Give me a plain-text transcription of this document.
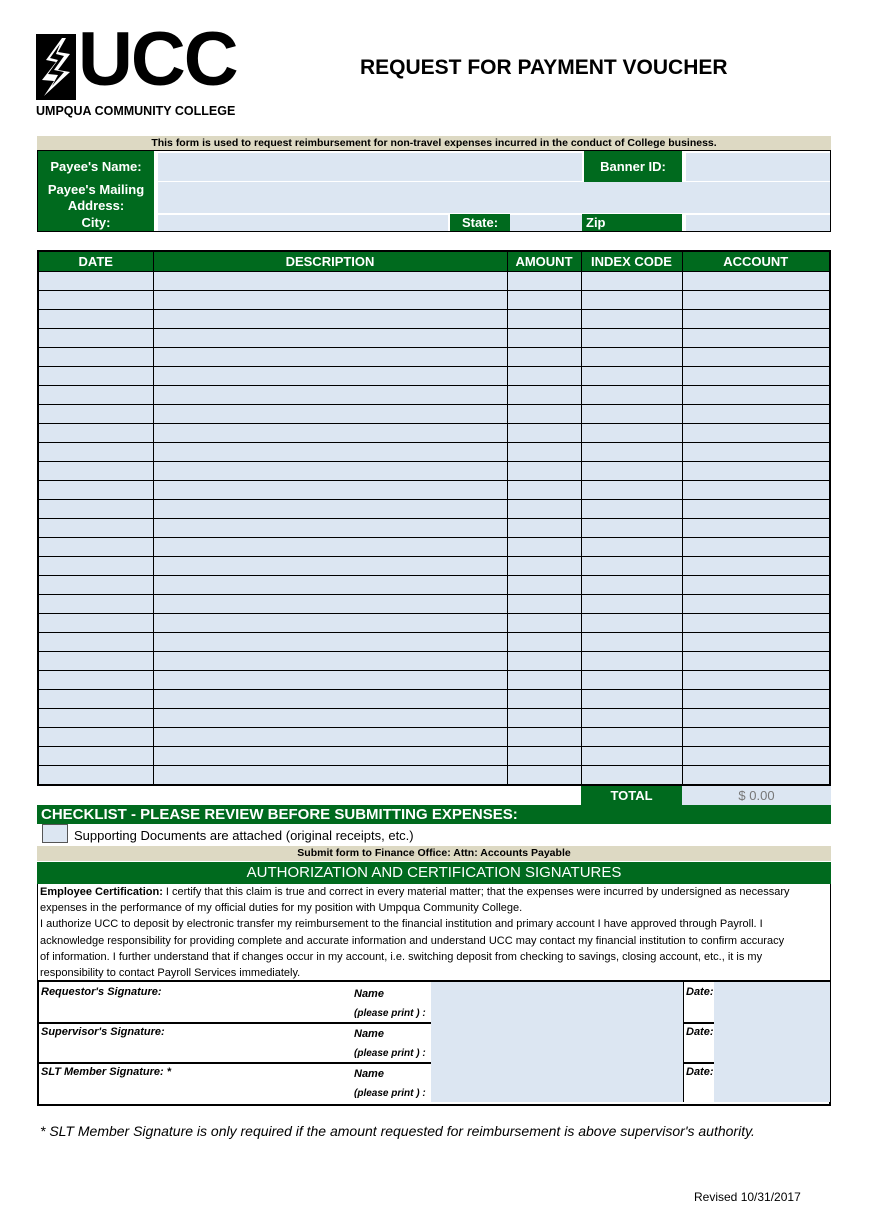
UCC
UMPQUA COMMUNITY COLLEGE
REQUEST FOR PAYMENT VOUCHER
This form is used to request reimbursement for non-travel expenses incurred in the conduct of College business.
Payee's Name:	Banner ID:
Payee's Mailing
Address:
City:	State:	Zip
DATE	DESCRIPTION	AMOUNT	INDEX CODE	ACCOUNT

TOTAL	$ 0.00
CHECKLIST - PLEASE REVIEW BEFORE SUBMITTING EXPENSES:
Supporting Documents are attached (original receipts, etc.)
Submit form to Finance Office: Attn: Accounts Payable
AUTHORIZATION AND CERTIFICATION SIGNATURES
Employee Certification: I certify that this claim is true and correct in every material matter; that the expenses were incurred by undersigned as necessary
expenses in the performance of my official duties for my position with Umpqua Community College.
I authorize UCC to deposit by electronic transfer my reimbursement to the financial institution and primary account I have approved through Payroll. I
acknowledge responsibility for providing complete and accurate information and understand UCC may contact my financial institution to confirm accuracy
of information. I further understand that if changes occur in my account, i.e. switching deposit from checking to savings, closing account, etc., it is my
responsibility to contact Payroll Services immediately.
Requestor's Signature:	Name
(please print ) :
Date:
Supervisor's Signature:	Name
(please print ) :
Date:
SLT Member Signature: *	Name
(please print ) :
Date:
* SLT Member Signature is only required if the amount requested for reimbursement is above supervisor's authority.
Revised 10/31/2017
